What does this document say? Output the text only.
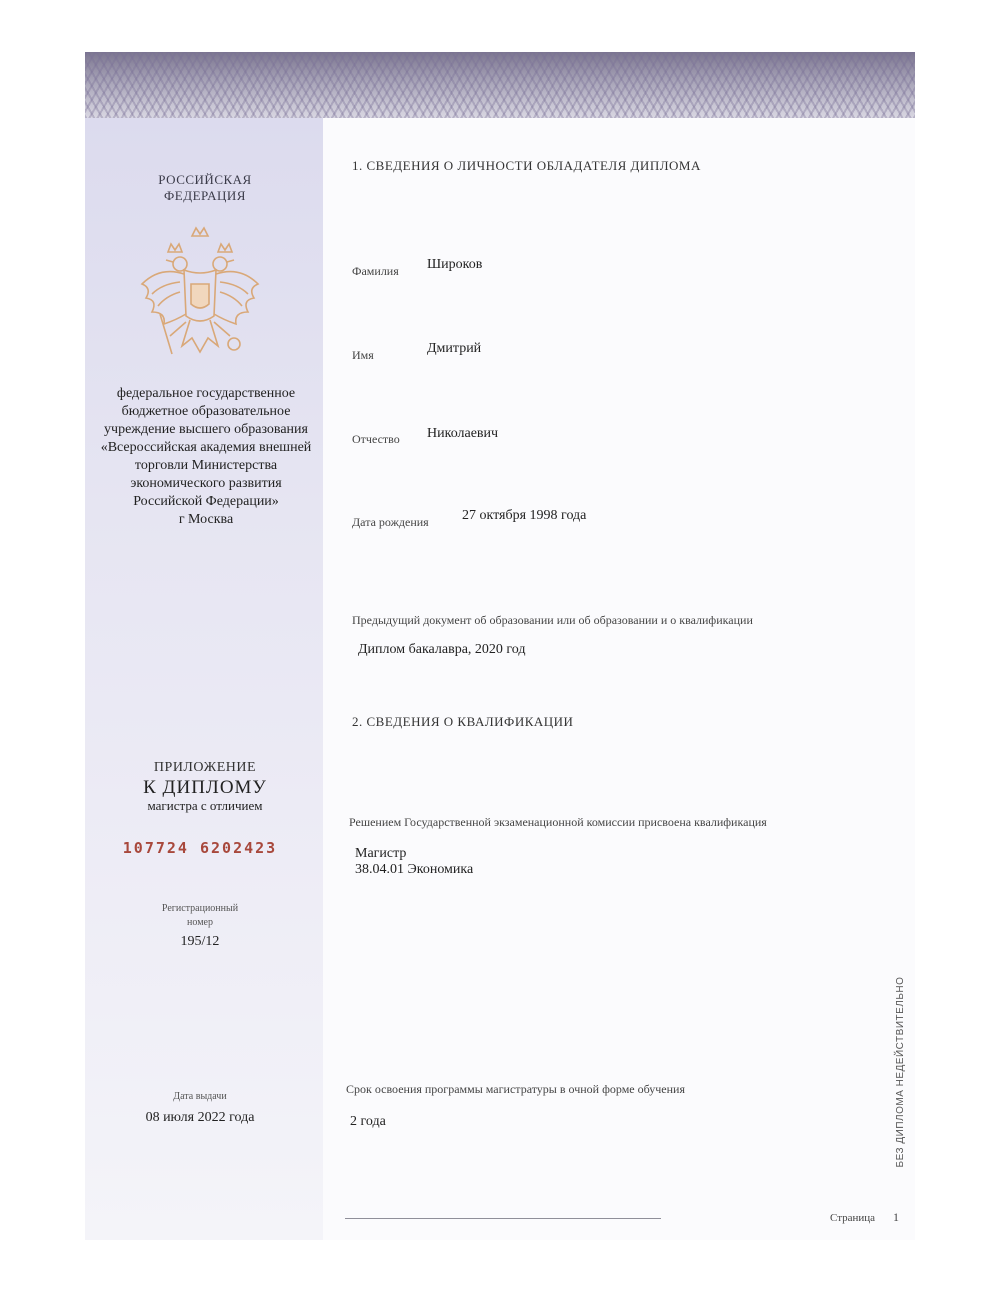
РОССИЙСКАЯ
ФЕДЕРАЦИЯ
федеральное государственное
бюджетное образовательное
учреждение высшего образования
«Всероссийская академия внешней
торговли Министерства
экономического развития
Российской Федерации»
г Москва
ПРИЛОЖЕНИЕ
К ДИПЛОМУ
магистра с отличием
107724 6202423
Регистрационный
номер
195/12
Дата выдачи
08 июля 2022 года
1. СВЕДЕНИЯ О ЛИЧНОСТИ ОБЛАДАТЕЛЯ ДИПЛОМА
Фамилия Широков
Имя	Дмитрий
Отчество Николаевич
Дата рождения 27 октября 1998 года
Предыдущий документ об образовании или об образовании и о квалификации
Диплом бакалавра, 2020 год
2. СВЕДЕНИЯ О КВАЛИФИКАЦИИ
Решением Государственной экзаменационной комиссии присвоена квалификация
Магистр
38.04.01 Экономика
Срок освоения программы магистратуры в очной форме обучения
2 года
Страница 1
БЕЗ ДИПЛОМА НЕДЕЙСТВИТЕЛЬНО
